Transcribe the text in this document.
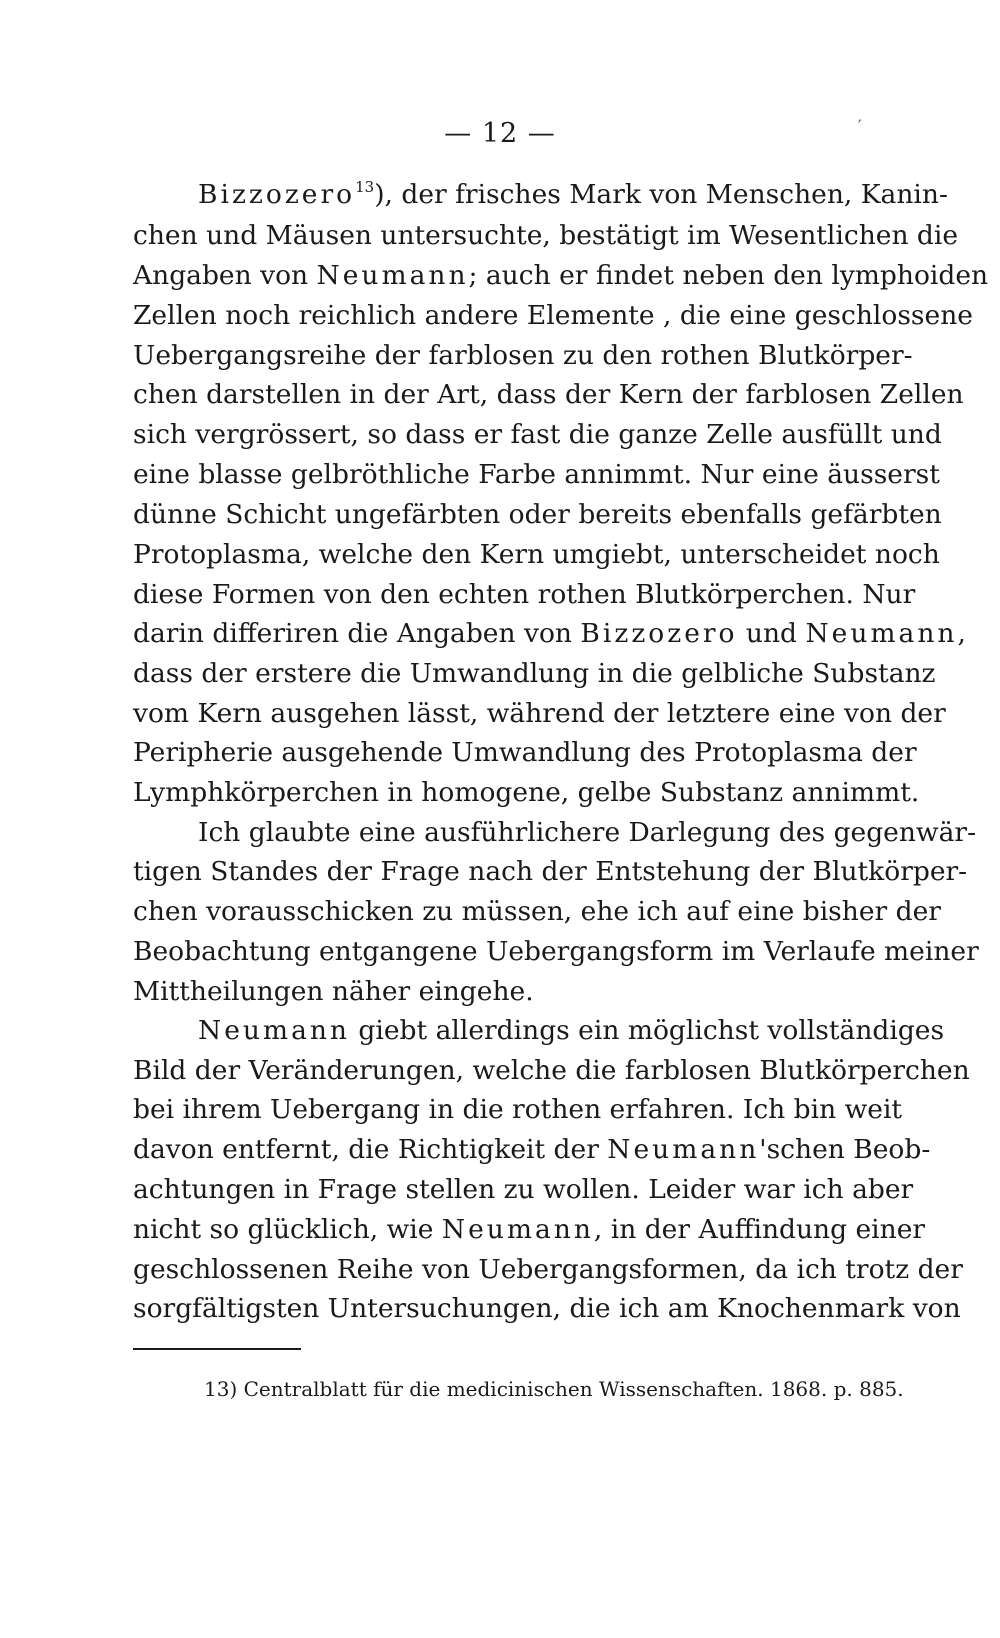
— 12 —	′
Bizzozero$^{13}$), der frisches Mark von Menschen, Kanin-
chen und Mäusen untersuchte, bestätigt im Wesentlichen die
Angaben von Neumann; auch er findet neben den lymphoiden
Zellen noch reichlich andere Elemente , die eine geschlossene
Uebergangsreihe der farblosen zu den rothen Blutkörper-
chen darstellen in der Art, dass der Kern der farblosen Zellen
sich vergrössert, so dass er fast die ganze Zelle ausfüllt und
eine blasse gelbröthliche Farbe annimmt. Nur eine äusserst
dünne Schicht ungefärbten oder bereits ebenfalls gefärbten
Protoplasma, welche den Kern umgiebt, unterscheidet noch
diese Formen von den echten rothen Blutkörperchen. Nur
darin differiren die Angaben von Bizzozero und Neumann,
dass der erstere die Umwandlung in die gelbliche Substanz
vom Kern ausgehen lässt, während der letztere eine von der
Peripherie ausgehende Umwandlung des Protoplasma der
Lymphkörperchen in homogene, gelbe Substanz annimmt.
Ich glaubte eine ausführlichere Darlegung des gegenwär-
tigen Standes der Frage nach der Entstehung der Blutkörper-
chen vorausschicken zu müssen, ehe ich auf eine bisher der
Beobachtung entgangene Uebergangsform im Verlaufe meiner
Mittheilungen näher eingehe.
Neumann giebt allerdings ein möglichst vollständiges
Bild der Veränderungen, welche die farblosen Blutkörperchen
bei ihrem Uebergang in die rothen erfahren. Ich bin weit
davon entfernt, die Richtigkeit der Neumann'schen Beob-
achtungen in Frage stellen zu wollen. Leider war ich aber
nicht so glücklich, wie Neumann, in der Auffindung einer
geschlossenen Reihe von Uebergangsformen, da ich trotz der
sorgfältigsten Untersuchungen, die ich am Knochenmark von
13) Centralblatt für die medicinischen Wissenschaften. 1868. p. 885.
